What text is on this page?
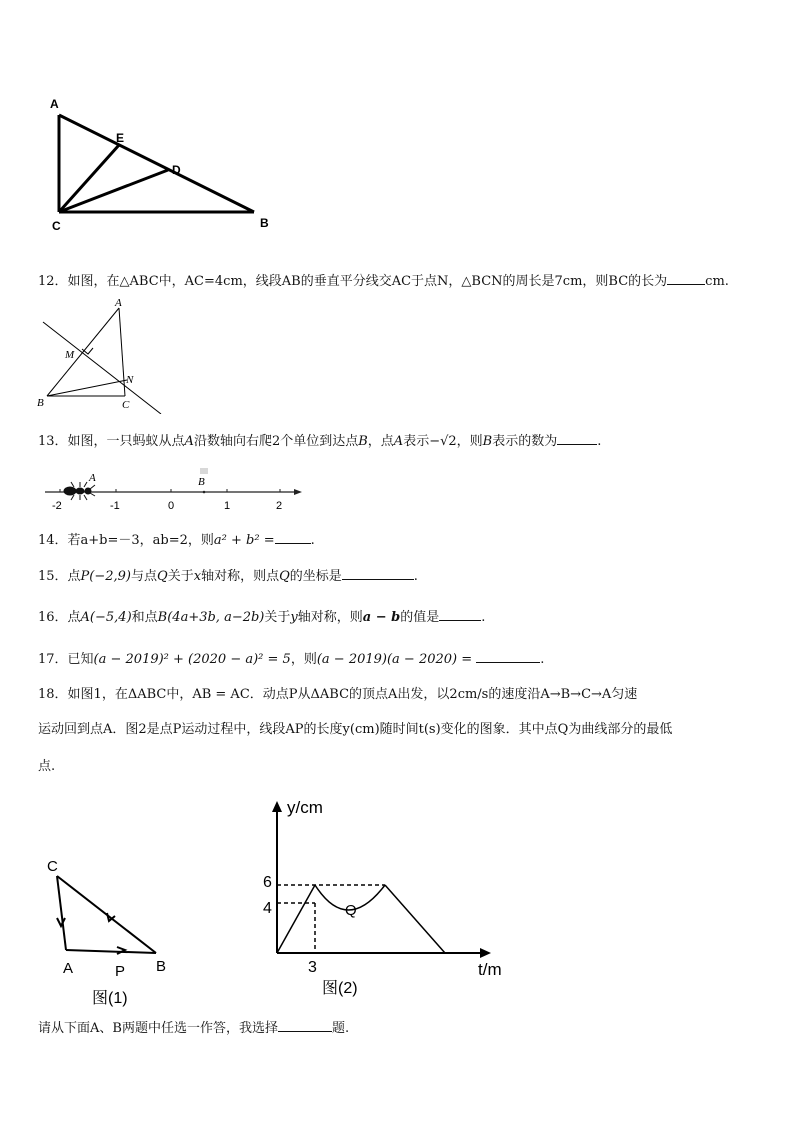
A
E
D
C	B
12．如图，在△ABC中，AC=4cm，线段AB的垂直平分线交AC于点N，△BCN的周长是7cm，则BC的长为	cm.
A
M
N
B	C
13．如图，一只蚂蚁从点A沿数轴向右爬2个单位到达点B，点A表示−√2，则B表示的数为	.
A	B
-2	-1	0	1	2
14．若a+b=－3，ab=2，则a² + b² =	.
15．点P(−2,9)与点Q关于x轴对称，则点Q的坐标是	.
16．点A(−5,4)和点B(4a+3b, a−2b)关于y轴对称，则a − b的值是	.
17．已知(a − 2019)² + (2020 − a)² = 5，则(a − 2019)(a − 2020) =	.
18．如图1，在ΔABC中，AB = AC．动点P从ΔABC的顶点A出发，以2cm/s的速度沿A→B→C→A匀速
运动回到点A．图2是点P运动过程中，线段AP的长度y(cm)随时间t(s)变化的图象．其中点Q为曲线部分的最低
点.
C
A	P B
图(1)
y/cm
t/m
6
4
3
Q
图(2)
请从下面A、B两题中任选一作答，我选择	题.
